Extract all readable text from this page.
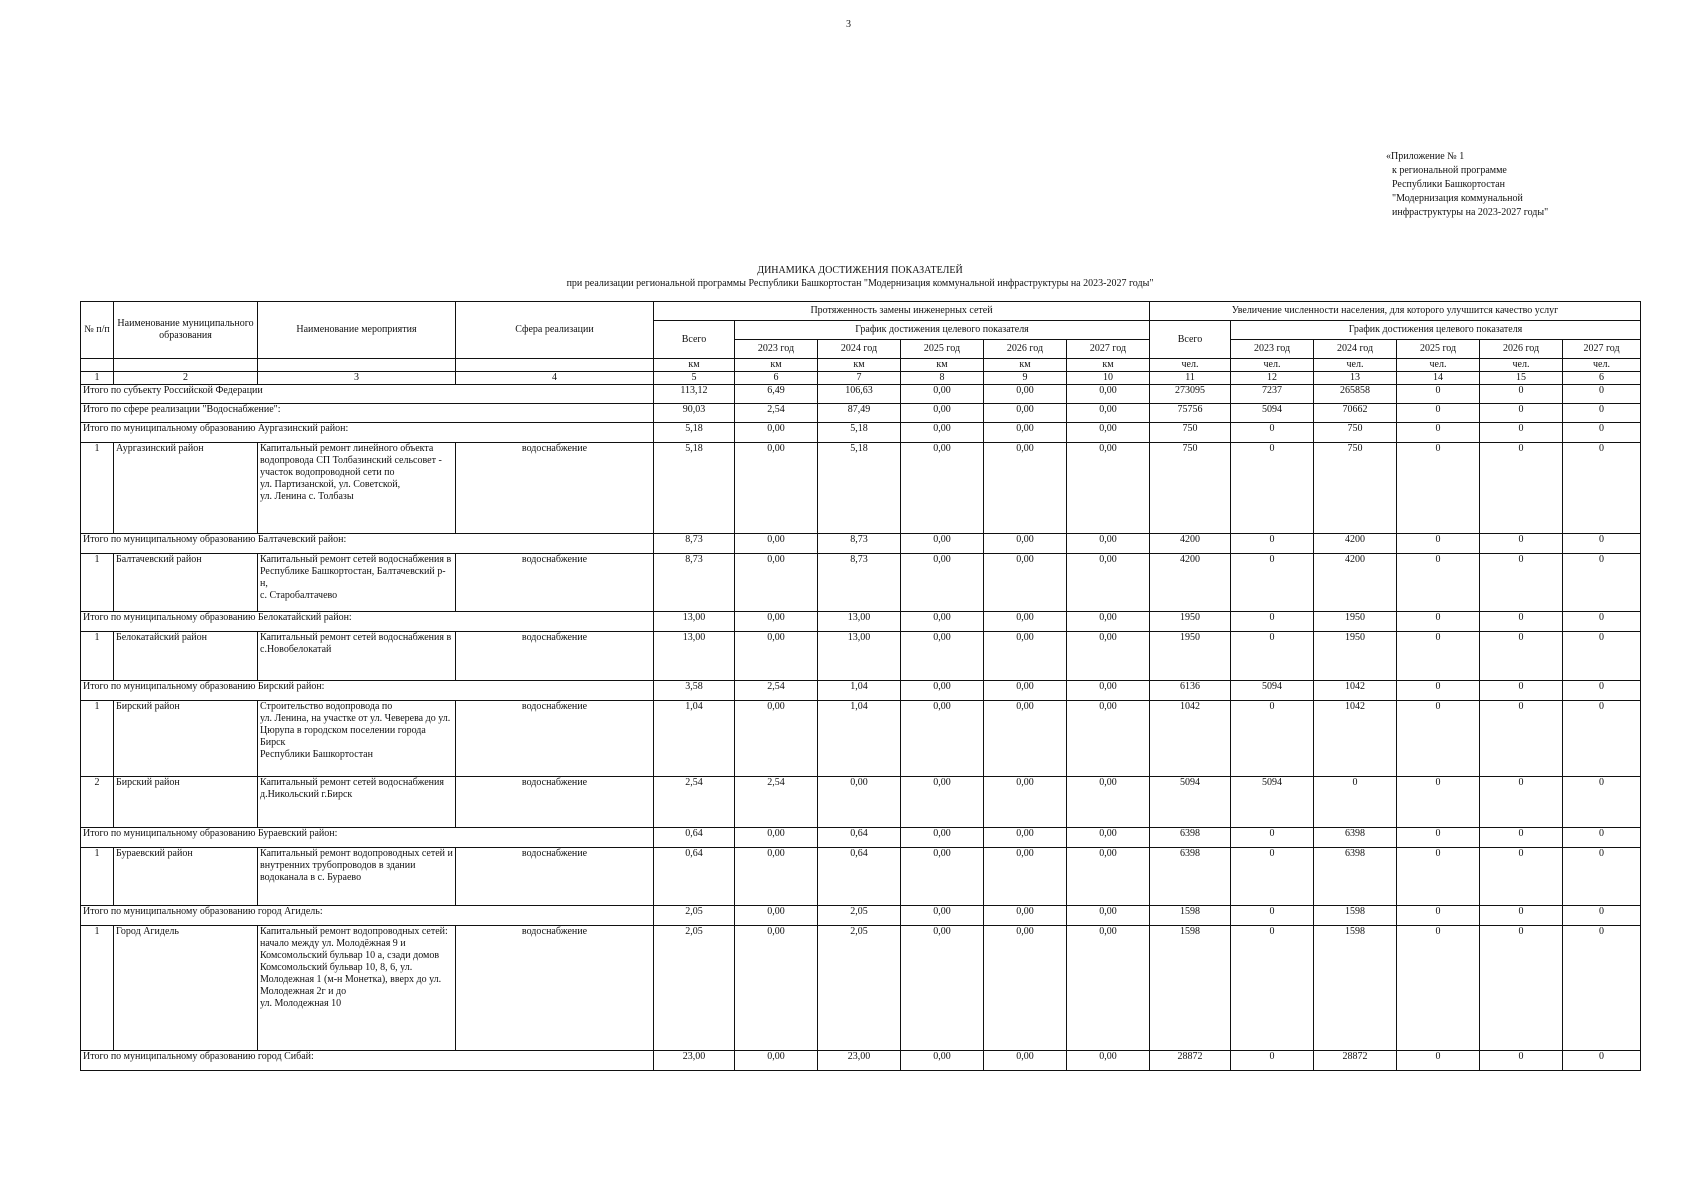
3
«Приложение № 1
к региональной программе
Республики Башкортостан
"Модернизация коммунальной
инфраструктуры на 2023-2027 годы"
ДИНАМИКА ДОСТИЖЕНИЯ ПОКАЗАТЕЛЕЙ
при реализации региональной программы Республики Башкортостан "Модернизация коммунальной инфраструктуры на 2023-2027 годы"
№ п/п	Наименование муниципального образования	Наименование мероприятия	Сфера реализации	Протяженность замены инженерных сетей						Увеличение численности населения, для которого улучшится качество услуг					
				Всего	График достижения целевого показателя					Всего	График достижения целевого показателя				
					2023 год	2024 год	2025 год	2026 год	2027 год		2023 год	2024 год	2025 год	2026 год	2027 год
				км	км	км	км	км	км	чел.	чел.	чел.	чел.	чел.	чел.
1	2	3	4	5	6	7	8	9	10	11	12	13	14	15	6
Итого по субъекту Российской Федерации				113,12	6,49	106,63	0,00	0,00	0,00	273095	7237	265858	0	0	0
Итого по сфере реализации "Водоснабжение":				90,03	2,54	87,49	0,00	0,00	0,00	75756	5094	70662	0	0	0
Итого по муниципальному образованию Аургазинский район:				5,18	0,00	5,18	0,00	0,00	0,00	750	0	750	0	0	0
1	Аургазинский район	Капитальный ремонт линейного объекта водопровода СП Толбазинский сельсовет - участок водопроводной сети по
ул. Партизанской, ул. Советской,
ул. Ленина с. Толбазы	водоснабжение	5,18	0,00	5,18	0,00	0,00	0,00	750	0	750	0	0	0
Итого по муниципальному образованию Балтачевский район:				8,73	0,00	8,73	0,00	0,00	0,00	4200	0	4200	0	0	0
1	Балтачевский район	Капитальный ремонт сетей водоснабжения в Республике Башкортостан, Балтачевский р-н,
с. Старобалтачево	водоснабжение	8,73	0,00	8,73	0,00	0,00	0,00	4200	0	4200	0	0	0
Итого по муниципальному образованию Белокатайский район:				13,00	0,00	13,00	0,00	0,00	0,00	1950	0	1950	0	0	0
1	Белокатайский район	Капитальный ремонт сетей водоснабжения в с.Новобелокатай	водоснабжение	13,00	0,00	13,00	0,00	0,00	0,00	1950	0	1950	0	0	0
Итого по муниципальному образованию Бирский район:				3,58	2,54	1,04	0,00	0,00	0,00	6136	5094	1042	0	0	0
1	Бирский район	Строительство водопровода по
ул. Ленина, на участке от ул. Чеверева до ул. Цюрупа в городском поселении города Бирск
Республики Башкортостан	водоснабжение	1,04	0,00	1,04	0,00	0,00	0,00	1042	0	1042	0	0	0
2	Бирский район	Капитальный ремонт сетей водоснабжения д.Никольский г.Бирск	водоснабжение	2,54	2,54	0,00	0,00	0,00	0,00	5094	5094	0	0	0	0
Итого по муниципальному образованию Бураевский район:				0,64	0,00	0,64	0,00	0,00	0,00	6398	0	6398	0	0	0
1	Бураевский район	Капитальный ремонт водопроводных сетей и внутренних трубопроводов в здании водоканала в с. Бураево	водоснабжение	0,64	0,00	0,64	0,00	0,00	0,00	6398	0	6398	0	0	0
Итого по муниципальному образованию город Агидель:				2,05	0,00	2,05	0,00	0,00	0,00	1598	0	1598	0	0	0
1	Город Агидель	Капитальный ремонт водопроводных сетей: начало между ул. Молодёжная 9 и Комсомольский бульвар 10 а, сзади домов Комсомольский бульвар 10, 8, 6, ул. Молодежная 1 (м-н Монетка), вверх до ул. Молодежная 2г и до
ул. Молодежная 10	водоснабжение	2,05	0,00	2,05	0,00	0,00	0,00	1598	0	1598	0	0	0
Итого по муниципальному образованию город Сибай:				23,00	0,00	23,00	0,00	0,00	0,00	28872	0	28872	0	0	0
